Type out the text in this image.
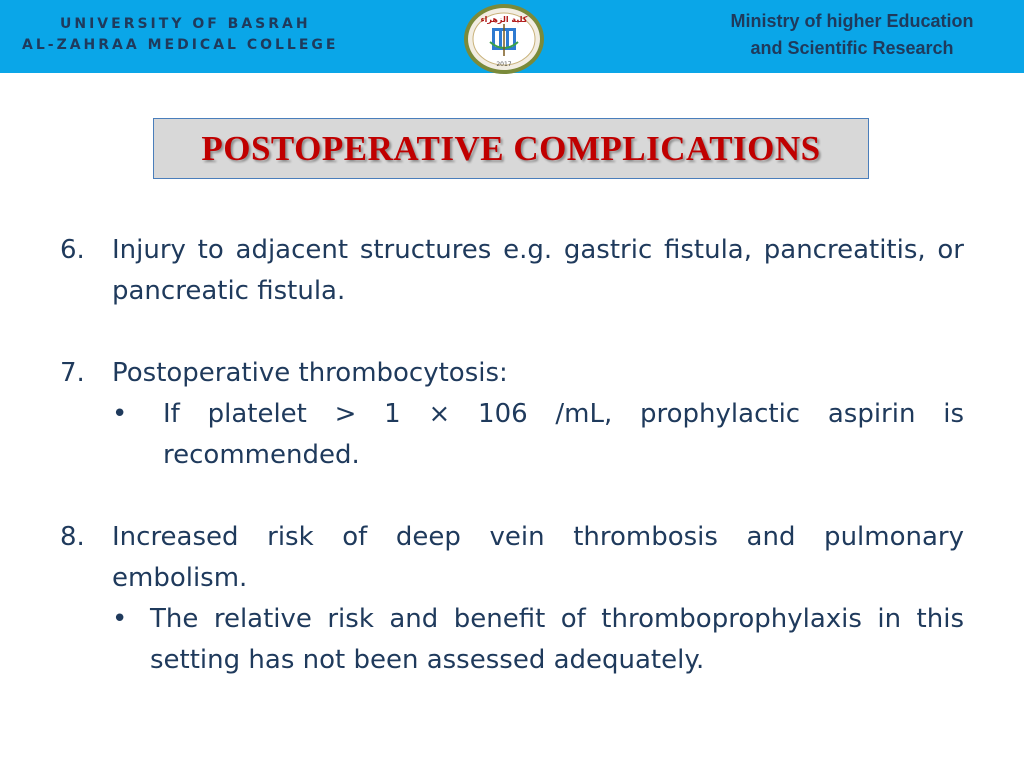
UNIVERSITY OF BASRAH
AL-ZAHRAA MEDICAL COLLEGE
كلية الزهراء
2017
Ministry of higher Education
and Scientific Research
POSTOPERATIVE COMPLICATIONS
6.	Injury to adjacent structures e.g. gastric fistula, pancreatitis, or pancreatic fistula.
7.	Postoperative thrombocytosis:
•	If platelet > 1 × 106 /mL, prophylactic aspirin is recommended.
8.	Increased risk of deep vein thrombosis and pulmonary embolism.
• The relative risk and benefit of thromboprophylaxis in this setting has not been assessed adequately.
